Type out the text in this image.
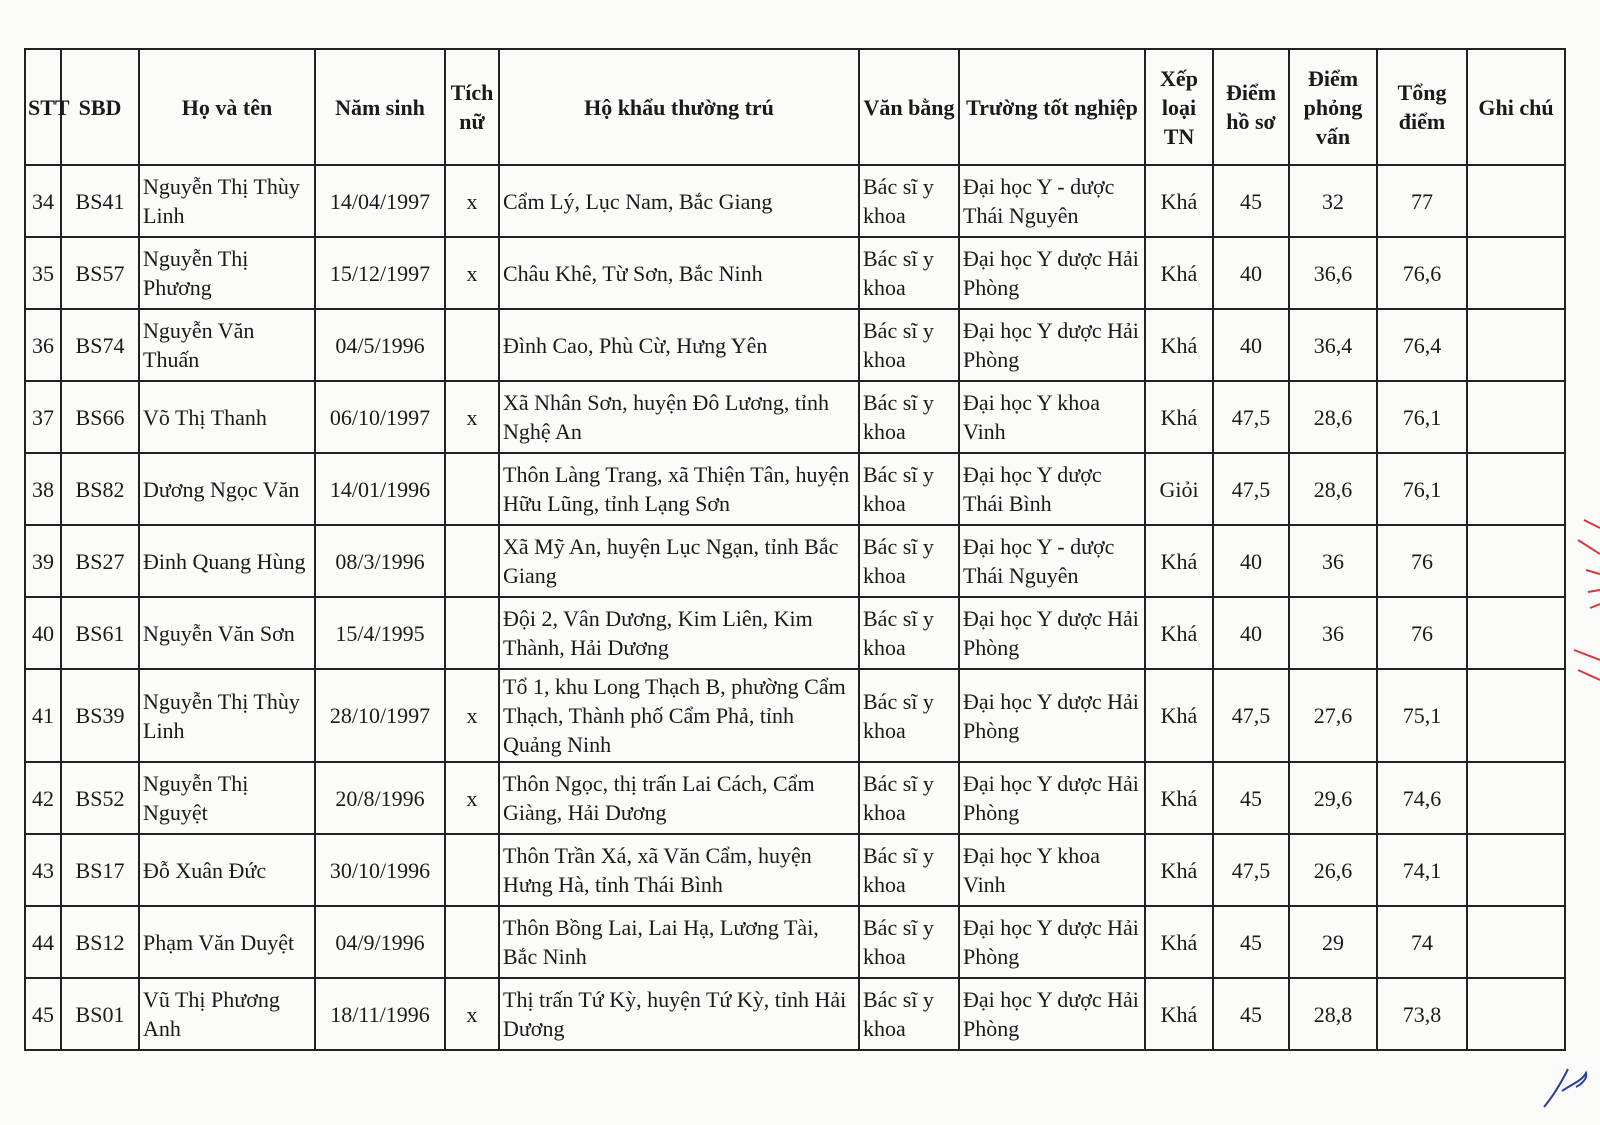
STT	SBD	Họ và tên	Năm sinh	Tích nữ	Hộ khẩu thường trú	Văn bằng	Trường tốt nghiệp	Xếp loại TN	Điểm hồ sơ	Điểm phỏng vấn	Tổng điểm	Ghi chú
34	BS41	Nguyễn Thị Thùy Linh	14/04/1997	x	Cẩm Lý, Lục Nam, Bắc Giang	Bác sĩ y khoa	Đại học Y - dược Thái Nguyên	Khá	45	32	77	
35	BS57	Nguyễn Thị Phương	15/12/1997	x	Châu Khê, Từ Sơn, Bắc Ninh	Bác sĩ y khoa	Đại học Y dược Hải Phòng	Khá	40	36,6	76,6	
36	BS74	Nguyễn Văn Thuấn	04/5/1996		Đình Cao, Phù Cừ, Hưng Yên	Bác sĩ y khoa	Đại học Y dược Hải Phòng	Khá	40	36,4	76,4	
37	BS66	Võ Thị Thanh	06/10/1997	x	Xã Nhân Sơn, huyện Đô Lương, tỉnh Nghệ An	Bác sĩ y khoa	Đại học Y khoa Vinh	Khá	47,5	28,6	76,1	
38	BS82	Dương Ngọc Văn	14/01/1996		Thôn Làng Trang, xã Thiện Tân, huyện Hữu Lũng, tỉnh Lạng Sơn	Bác sĩ y khoa	Đại học Y dược Thái Bình	Giỏi	47,5	28,6	76,1	
39	BS27	Đinh Quang Hùng	08/3/1996		Xã Mỹ An, huyện Lục Ngạn, tỉnh Bắc Giang	Bác sĩ y khoa	Đại học Y - dược Thái Nguyên	Khá	40	36	76	
40	BS61	Nguyễn Văn Sơn	15/4/1995		Đội 2, Vân Dương, Kim Liên, Kim Thành, Hải Dương	Bác sĩ y khoa	Đại học Y dược Hải Phòng	Khá	40	36	76	
41	BS39	Nguyễn Thị Thùy Linh	28/10/1997	x	Tổ 1, khu Long Thạch B, phường Cẩm Thạch, Thành phố Cẩm Phả, tỉnh Quảng Ninh	Bác sĩ y khoa	Đại học Y dược Hải Phòng	Khá	47,5	27,6	75,1	
42	BS52	Nguyễn Thị Nguyệt	20/8/1996	x	Thôn Ngọc, thị trấn Lai Cách, Cẩm Giàng, Hải Dương	Bác sĩ y khoa	Đại học Y dược Hải Phòng	Khá	45	29,6	74,6	
43	BS17	Đỗ Xuân Đức	30/10/1996		Thôn Trần Xá, xã Văn Cẩm, huyện Hưng Hà, tỉnh Thái Bình	Bác sĩ y khoa	Đại học Y khoa Vinh	Khá	47,5	26,6	74,1	
44	BS12	Phạm Văn Duyệt	04/9/1996		Thôn Bồng Lai, Lai Hạ, Lương Tài, Bắc Ninh	Bác sĩ y khoa	Đại học Y dược Hải Phòng	Khá	45	29	74	
45	BS01	Vũ Thị Phương Anh	18/11/1996	x	Thị trấn Tứ Kỳ, huyện Tứ Kỳ, tỉnh Hải Dương	Bác sĩ y khoa	Đại học Y dược Hải Phòng	Khá	45	28,8	73,8	
